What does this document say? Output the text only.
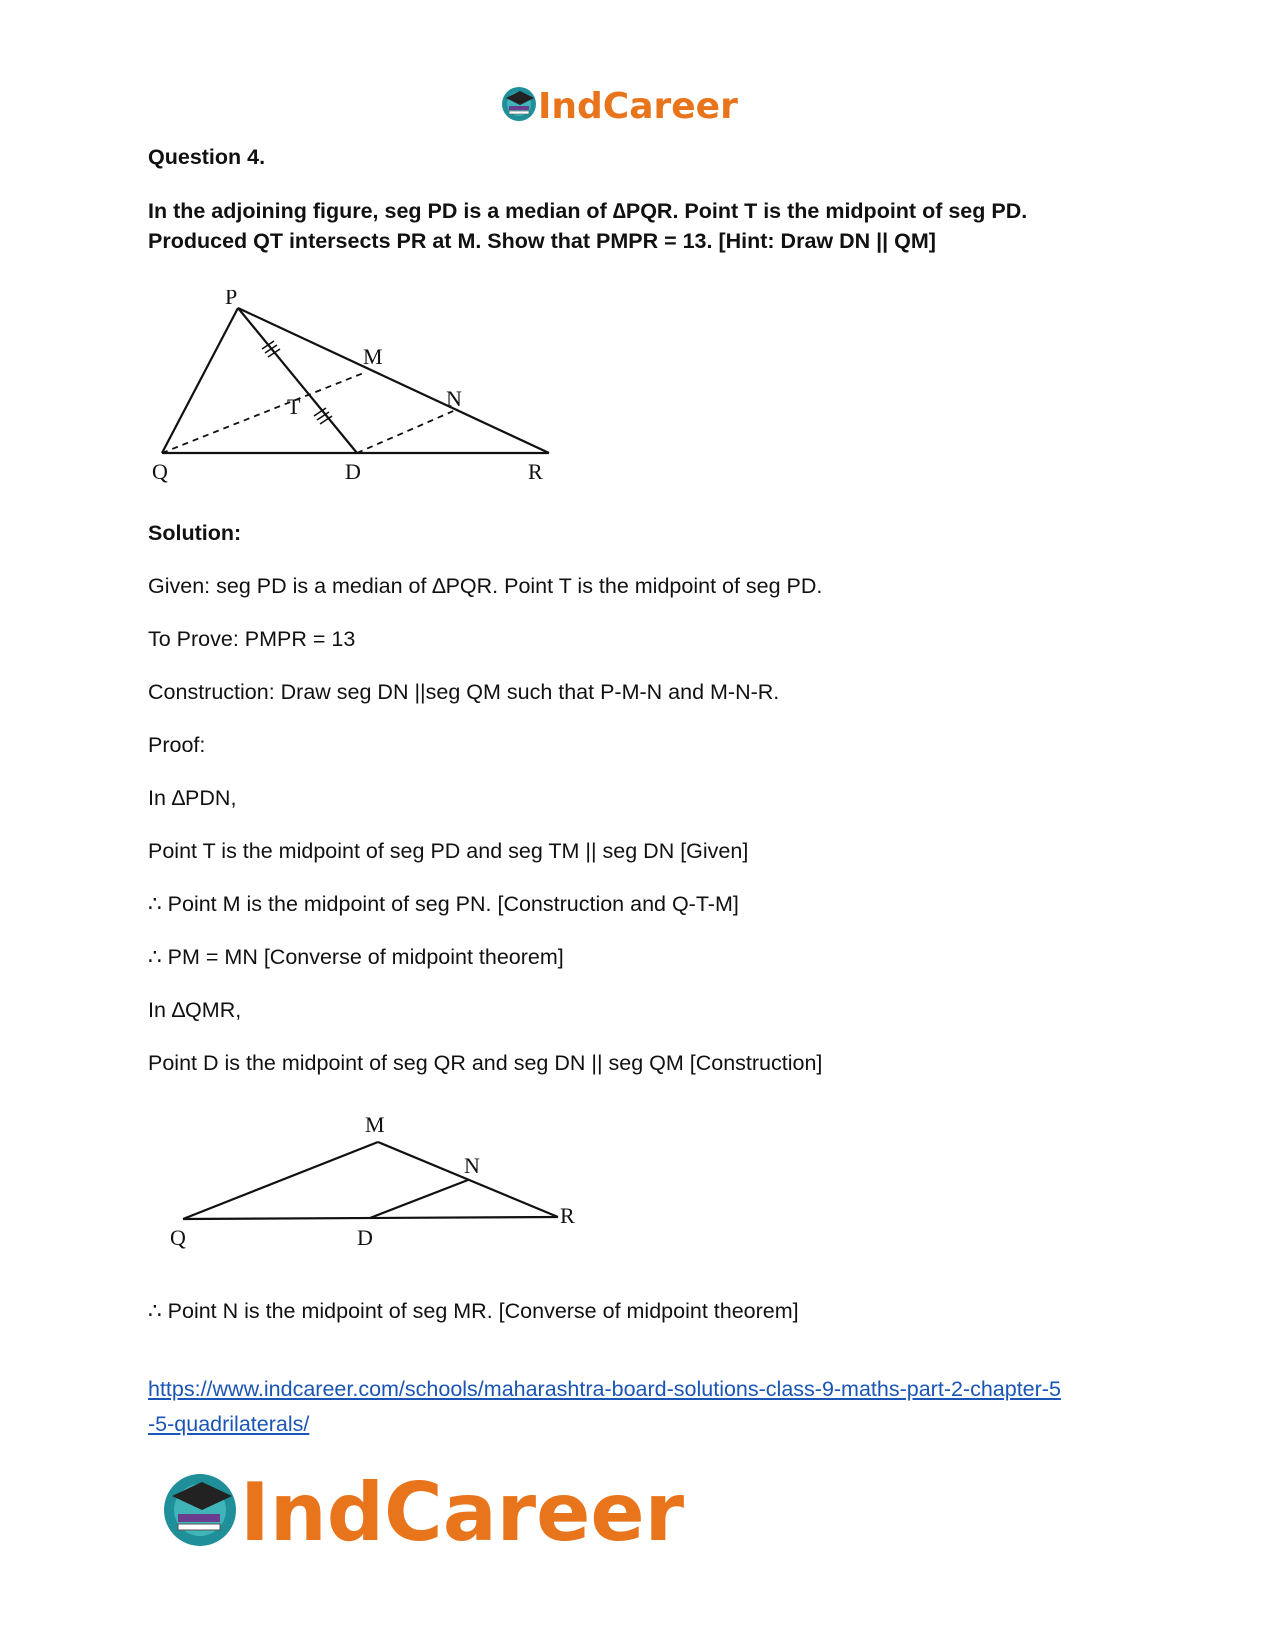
IndCareer
Question 4.
In the adjoining figure, seg PD is a median of ∆PQR. Point T is the midpoint of seg PD.
Produced QT intersects PR at M. Show that PMPR = 13. [Hint: Draw DN || QM]
P
M
T	N
Q	D	R
Solution:
Given: seg PD is a median of ∆PQR. Point T is the midpoint of seg PD.
To Prove: PMPR = 13
Construction: Draw seg DN ||seg QM such that P-M-N and M-N-R.
Proof:
In ∆PDN,
Point T is the midpoint of seg PD and seg TM || seg DN [Given]
∴ Point M is the midpoint of seg PN. [Construction and Q-T-M]
∴ PM = MN [Converse of midpoint theorem]
In ∆QMR,
Point D is the midpoint of seg QR and seg DN || seg QM [Construction]
M
N
Q	D
R
∴ Point N is the midpoint of seg MR. [Converse of midpoint theorem]
https://www.indcareer.com/schools/maharashtra-board-solutions-class-9-maths-part-2-chapter-5
-5-quadrilaterals/
IndCareer
